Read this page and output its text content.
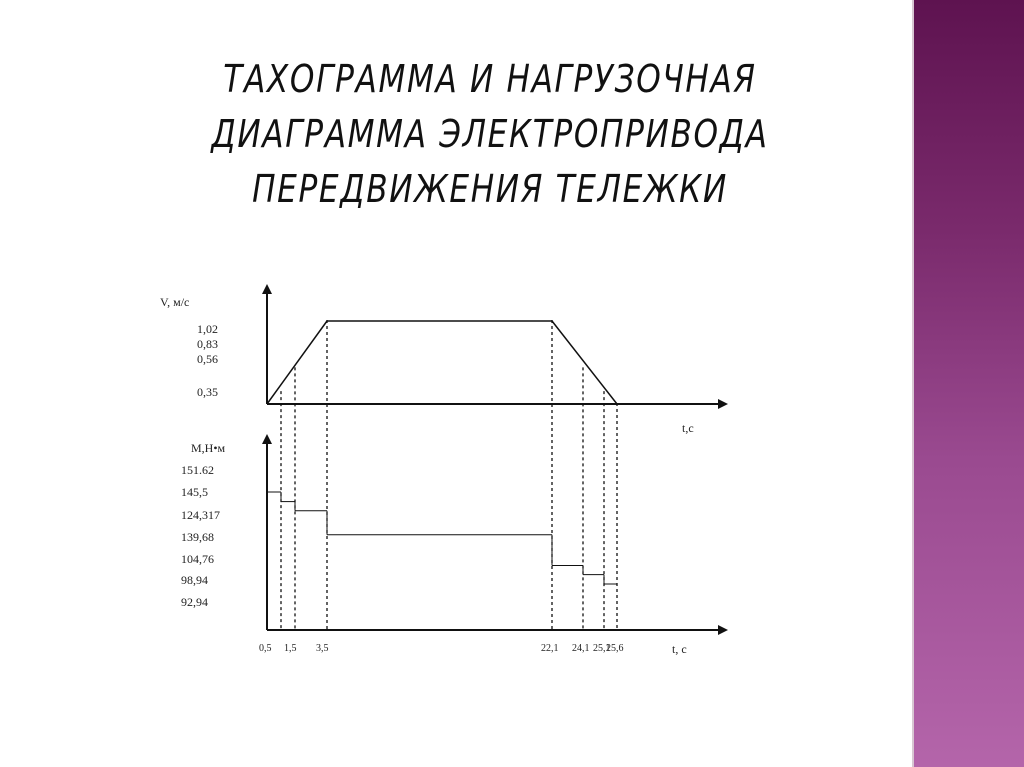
ТАХОГРАММА И НАГРУЗОЧНАЯ
ДИАГРАММА ЭЛЕКТРОПРИВОДА
ПЕРЕДВИЖЕНИЯ ТЕЛЕЖКИ
V, м/с
t,c
1,02
0,83
0,56
0,35
M,Н•м
t, c
151.62
145,5
124,317
139,68
104,76
98,94
92,94
0,5 1,5 3,5	22,1 24,1 25,1
25,6
